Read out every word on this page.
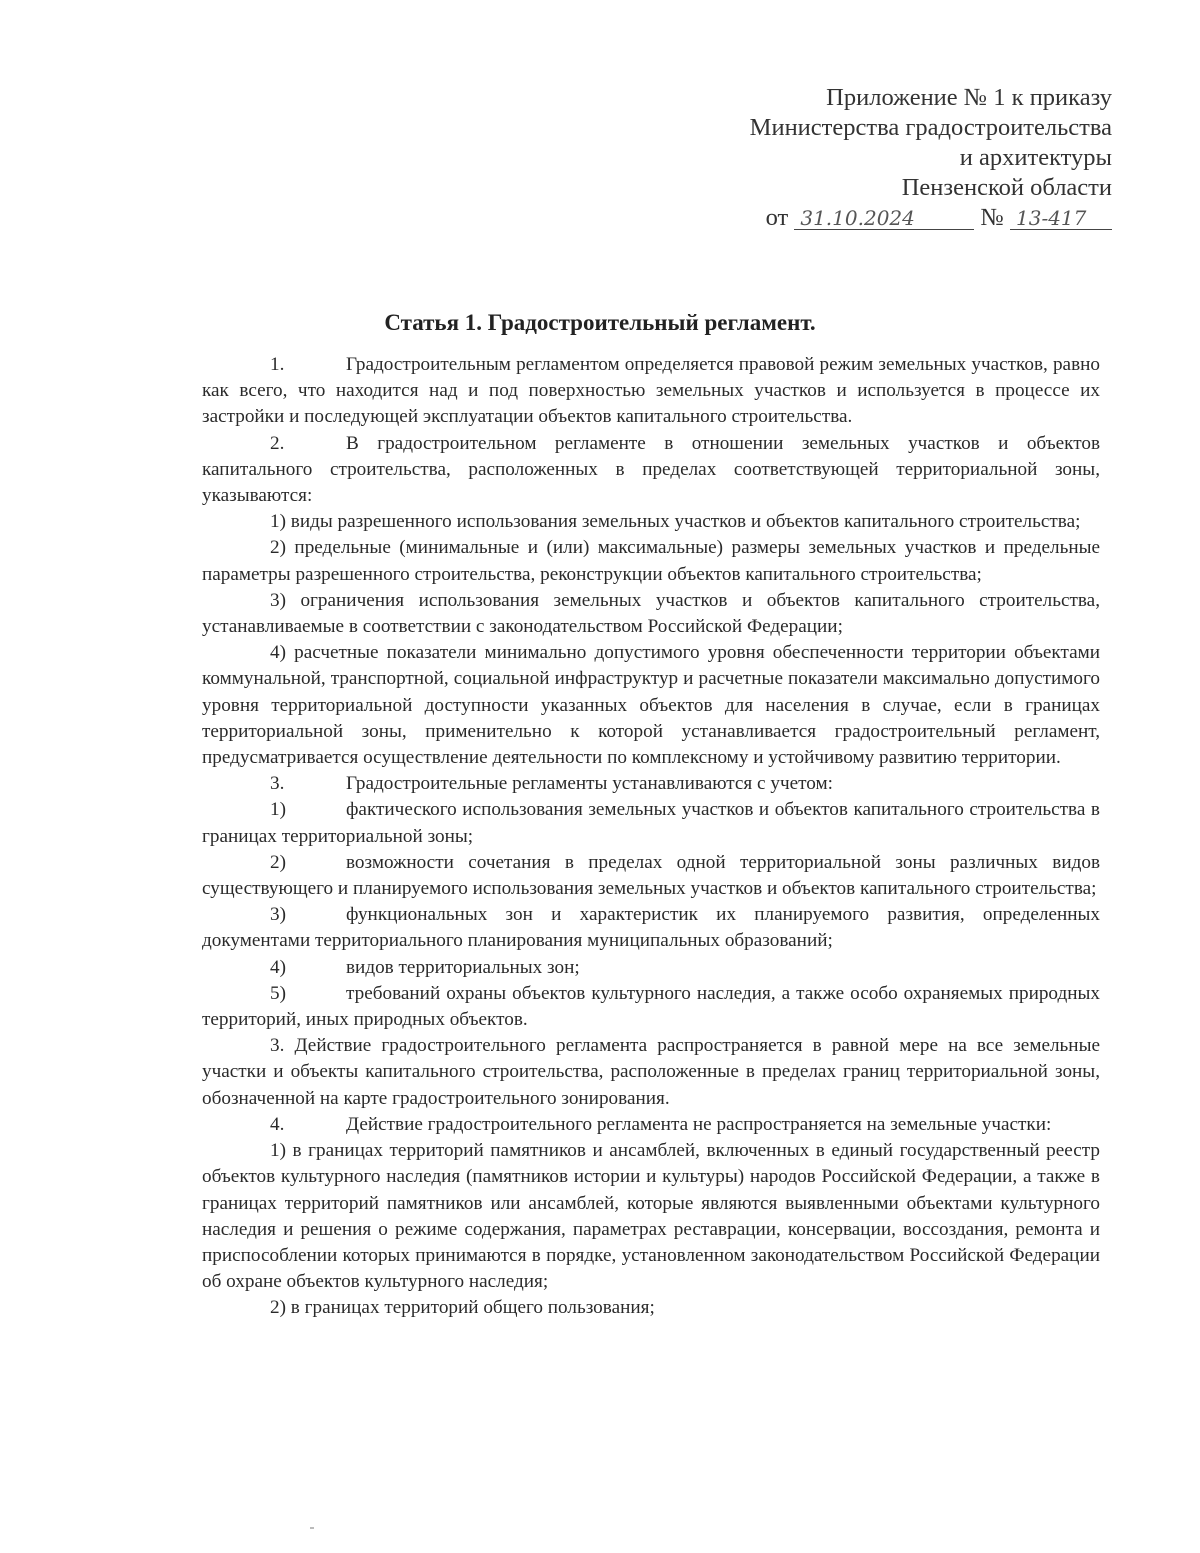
Приложение № 1 к приказу
Министерства градостроительства
и архитектуры
Пензенской области
от 31.10.2024	№ 13-417
Статья 1. Градостроительный регламент.

1.	Градостроительным регламентом определяется правовой режим земельных участков, равно как всего, что находится над и под поверхностью земельных участков и используется в процессе их застройки и последующей эксплуатации объектов капитального строительства.

2.	В градостроительном регламенте в отношении земельных участков и объектов капитального строительства, расположенных в пределах соответствующей территориальной зоны, указываются:

1) виды разрешенного использования земельных участков и объектов капитального строительства;

2) предельные (минимальные и (или) максимальные) размеры земельных участков и предельные параметры разрешенного строительства, реконструкции объектов капитального строительства;

3) ограничения использования земельных участков и объектов капитального строительства, устанавливаемые в соответствии с законодательством Российской Федерации;

4) расчетные показатели минимально допустимого уровня обеспеченности территории объектами коммунальной, транспортной, социальной инфраструктур и расчетные показатели максимально допустимого уровня территориальной доступности указанных объектов для населения в случае, если в границах территориальной зоны, применительно к которой устанавливается градостроительный регламент, предусматривается осуществление деятельности по комплексному и устойчивому развитию территории.

3.	Градостроительные регламенты устанавливаются с учетом:

1)	фактического использования земельных участков и объектов капитального строительства в границах территориальной зоны;

2)	возможности сочетания в пределах одной территориальной зоны различных видов существующего и планируемого использования земельных участков и объектов капитального строительства;

3)	функциональных зон и характеристик их планируемого развития, определенных документами территориального планирования муниципальных образований;

4)	видов территориальных зон;

5)	требований охраны объектов культурного наследия, а также особо охраняемых природных территорий, иных природных объектов.

3. Действие градостроительного регламента распространяется в равной мере на все земельные участки и объекты капитального строительства, расположенные в пределах границ территориальной зоны, обозначенной на карте градостроительного зонирования.

4.	Действие градостроительного регламента не распространяется на земельные участки:

1) в границах территорий памятников и ансамблей, включенных в единый государственный реестр объектов культурного наследия (памятников истории и культуры) народов Российской Федерации, а также в границах территорий памятников или ансамблей, которые являются выявленными объектами культурного наследия и решения о режиме содержания, параметрах реставрации, консервации, воссоздания, ремонта и приспособлении которых принимаются в порядке, установленном законодательством Российской Федерации об охране объектов культурного наследия;

2) в границах территорий общего пользования;
